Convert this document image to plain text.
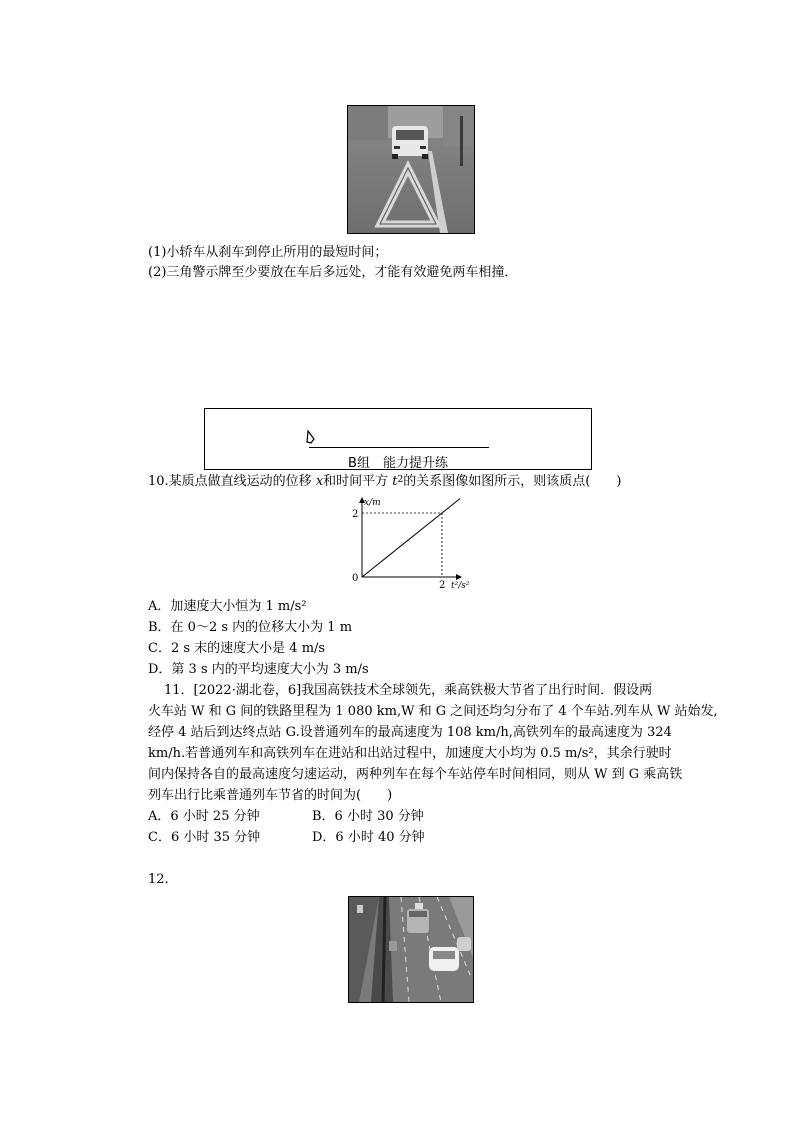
(1)小轿车从刹车到停止所用的最短时间；
(2)三角警示牌至少要放在车后多远处，才能有效避免两车相撞．
B组　能力提升练
10.某质点做直线运动的位移 x和时间平方 $t^2$的关系图像如图所示，则该质点(　　)
x/m
t²/s²
0
2
2
A．加速度大小恒为 1 m/s²
B．在 0～2 s 内的位移大小为 1 m
C．2 s 末的速度大小是 4 m/s
D．第 3 s 内的平均速度大小为 3 m/s
11．[2022·湖北卷，6]我国高铁技术全球领先，乘高铁极大节省了出行时间．假设两
火车站 W 和 G 间的铁路里程为 1 080 km,W 和 G 之间还均匀分布了 4 个车站.列车从 W 站始发,
经停 4 站后到达终点站 G.设普通列车的最高速度为 108 km/h,高铁列车的最高速度为 324
km/h.若普通列车和高铁列车在进站和出站过程中，加速度大小均为 0.5 m/s²，其余行驶时
间内保持各自的最高速度匀速运动，两种列车在每个车站停车时间相同，则从 W 到 G 乘高铁
列车出行比乘普通列车节省的时间为(　　)
A．6 小时 25 分钟	B．6 小时 30 分钟
C．6 小时 35 分钟	D．6 小时 40 分钟
12.
